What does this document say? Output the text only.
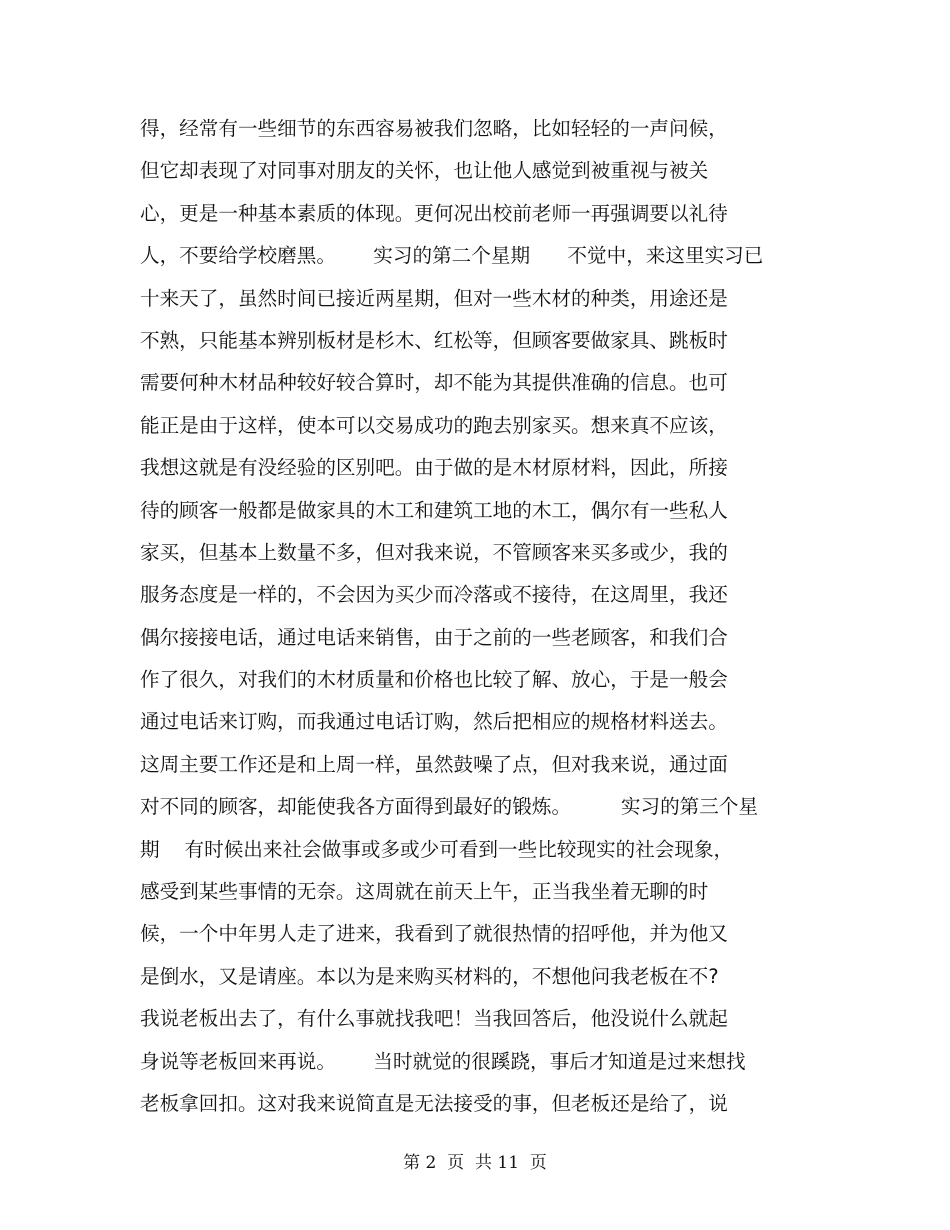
得，经常有一些细节的东西容易被我们忽略，比如轻轻的一声问候，
但它却表现了对同事对朋友的关怀，也让他人感觉到被重视与被关
心，更是一种基本素质的体现。更何况出校前老师一再强调要以礼待
人，不要给学校磨黑。      实习的第二个星期      不觉中，来这里实习已
十来天了，虽然时间已接近两星期，但对一些木材的种类，用途还是
不熟，只能基本辨别板材是杉木、红松等，但顾客要做家具、跳板时
需要何种木材品种较好较合算时，却不能为其提供准确的信息。也可
能正是由于这样，使本可以交易成功的跑去别家买。想来真不应该，
我想这就是有没经验的区别吧。由于做的是木材原材料，因此，所接
待的顾客一般都是做家具的木工和建筑工地的木工，偶尔有一些私人
家买，但基本上数量不多，但对我来说，不管顾客来买多或少，我的
服务态度是一样的，不会因为买少而冷落或不接待，在这周里，我还
偶尔接接电话，通过电话来销售，由于之前的一些老顾客，和我们合
作了很久，对我们的木材质量和价格也比较了解、放心，于是一般会
通过电话来订购，而我通过电话订购，然后把相应的规格材料送去。
这周主要工作还是和上周一样，虽然鼓噪了点，但对我来说，通过面
对不同的顾客，却能使我各方面得到最好的锻炼。        实习的第三个星
期    有时候出来社会做事或多或少可看到一些比较现实的社会现象，
感受到某些事情的无奈。这周就在前天上午，正当我坐着无聊的时
候，一个中年男人走了进来，我看到了就很热情的招呼他，并为他又
是倒水，又是请座。本以为是来购买材料的，不想他问我老板在不?
我说老板出去了，有什么事就找我吧！当我回答后，他没说什么就起
身说等老板回来再说。      当时就觉的很蹊跷，事后才知道是过来想找
老板拿回扣。这对我来说简直是无法接受的事，但老板还是给了，说
第 2  页  共 11  页
